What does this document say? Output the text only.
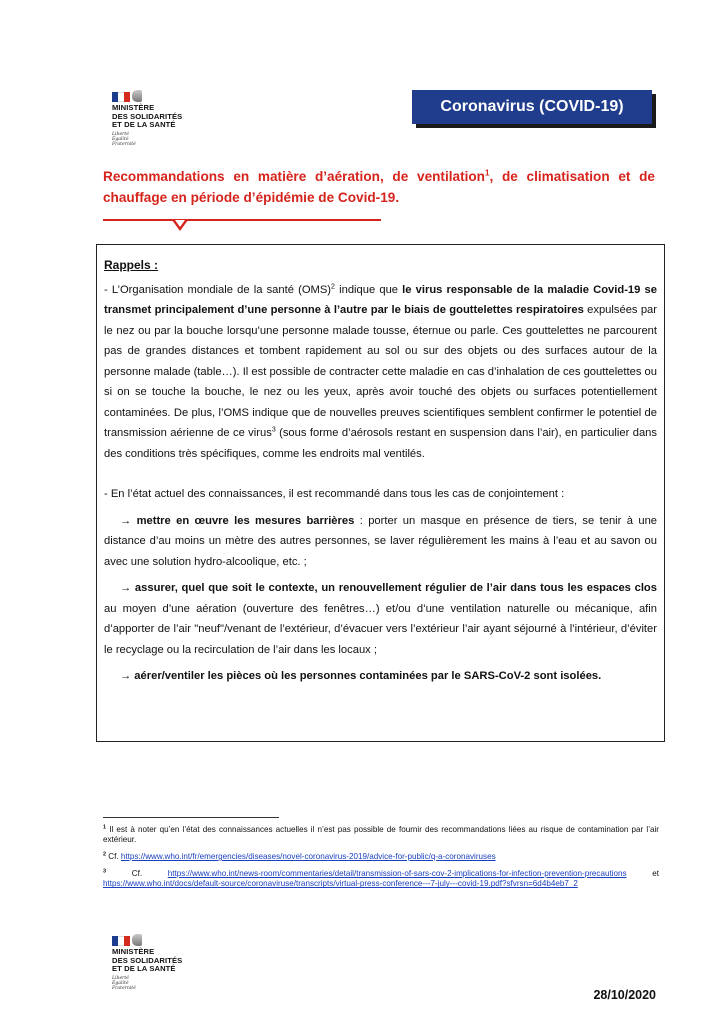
MINISTÈRE
DES SOLIDARITÉS
ET DE LA SANTÉ
Liberté
Égalité
Fraternité
Coronavirus (COVID-19)
Recommandations en matière d’aération, de ventilation$^1$, de climatisation et de chauffage en période d’épidémie de Covid-19.
Rappels :

- L’Organisation mondiale de la santé (OMS)$^2$ indique que le virus responsable de la maladie Covid-19 se transmet principalement d’une personne à l’autre par le biais de gouttelettes respiratoires expulsées par le nez ou par la bouche lorsqu’une personne malade tousse, éternue ou parle. Ces gouttelettes ne parcourent pas de grandes distances et tombent rapidement au sol ou sur des objets ou des surfaces autour de la personne malade (table…). Il est possible de contracter cette maladie en cas d’inhalation de ces gouttelettes ou si on se touche la bouche, le nez ou les yeux, après avoir touché des objets ou surfaces potentiellement contaminées. De plus, l’OMS indique que de nouvelles preuves scientifiques semblent confirmer le potentiel de transmission aérienne de ce virus$^3$ (sous forme d’aérosols restant en suspension dans l’air), en particulier dans des conditions très spécifiques, comme les endroits mal ventilés.

- En l’état actuel des connaissances, il est recommandé dans tous les cas de conjointement :

→ mettre en œuvre les mesures barrières : porter un masque en présence de tiers, se tenir à une distance d’au moins un mètre des autres personnes, se laver régulièrement les mains à l’eau et au savon ou avec une solution hydro-alcoolique, etc. ;

→ assurer, quel que soit le contexte, un renouvellement régulier de l’air dans tous les espaces clos au moyen d’une aération (ouverture des fenêtres…) et/ou d’une ventilation naturelle ou mécanique, afin d’apporter de l’air "neuf"/venant de l’extérieur, d’évacuer vers l’extérieur l’air ayant séjourné à l’intérieur, d’éviter le recyclage ou la recirculation de l’air dans les locaux ;

→ aérer/ventiler les pièces où les personnes contaminées par le SARS-CoV-2 sont isolées.

$^1$ Il est à noter qu’en l’état des connaissances actuelles il n’est pas possible de fournir des recommandations liées au risque de contamination par l’air extérieur.
$^2$ Cf. https://www.who.int/fr/emergencies/diseases/novel-coronavirus-2019/advice-for-public/q-a-coronaviruses
$^3$ Cf. https://www.who.int/news-room/commentaries/detail/transmission-of-sars-cov-2-implications-for-infection-prevention-precautions et https://www.who.int/docs/default-source/coronaviruse/transcripts/virtual-press-conference---7-july---covid-19.pdf?sfvrsn=6d4b4eb7_2
MINISTÈRE
DES SOLIDARITÉS
ET DE LA SANTÉ
Liberté
Égalité
Fraternité	28/10/2020
